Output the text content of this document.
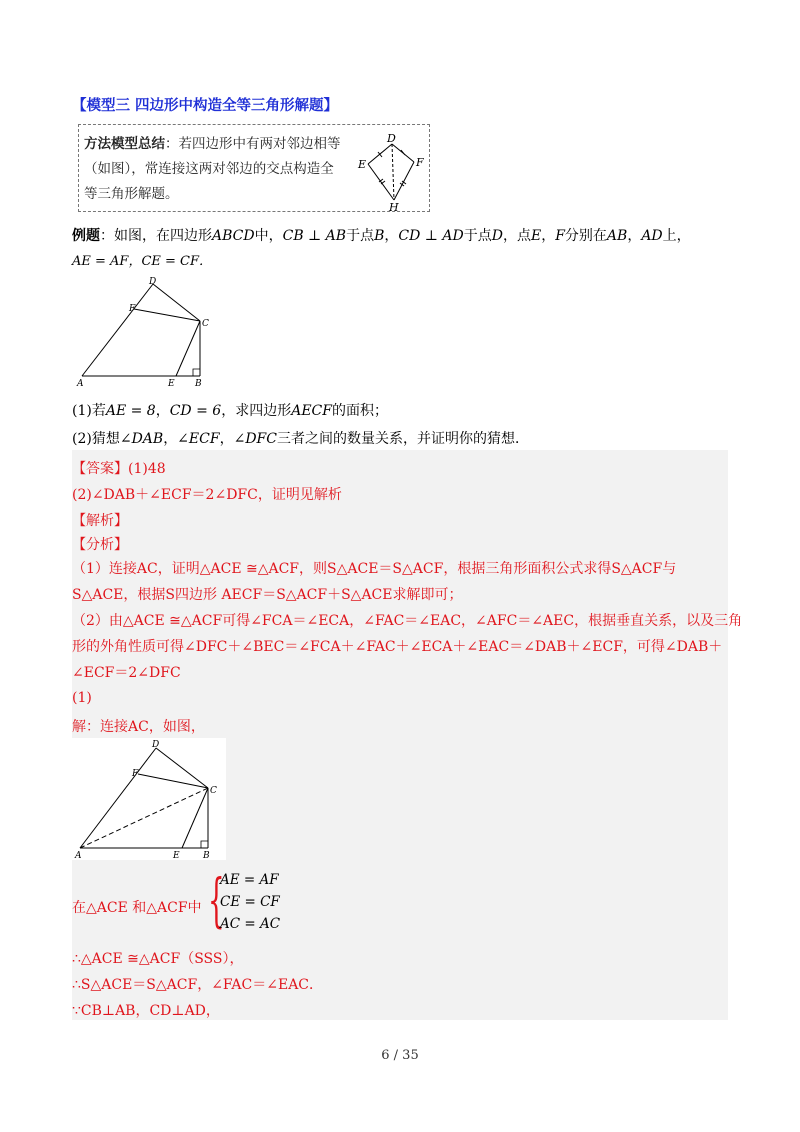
【模型三 四边形中构造全等三角形解题】
方法模型总结：若四边形中有两对邻边相等（如图），常连接这两对邻边的交点构造全等三角形解题。
D
E	F
H
例题：如图，在四边形ABCD中，CB ⊥ AB于点B，CD ⊥ AD于点D，点E，F分别在AB，AD上，
AE = AF，CE = CF．
D
F
C
A	E B
(1)若AE = 8，CD = 6，求四边形AECF的面积；
(2)猜想∠DAB，∠ECF，∠DFC三者之间的数量关系，并证明你的猜想．
【答案】(1)48
(2)∠DAB＋∠ECF＝2∠DFC，证明见解析
【解析】
【分析】
（1）连接AC，证明△ACE ≅△ACF，则S△ACE＝S△ACF，根据三角形面积公式求得S△ACF与
S△ACE，根据S四边形 AECF＝S△ACF＋S△ACE求解即可；
（2）由△ACE ≅△ACF可得∠FCA＝∠ECA，∠FAC＝∠EAC，∠AFC＝∠AEC，根据垂直关系，以及三角
形的外角性质可得∠DFC＋∠BEC＝∠FCA＋∠FAC＋∠ECA＋∠EAC＝∠DAB＋∠ECF，可得∠DAB＋
∠ECF＝2∠DFC
(1)
解：连接AC，如图，
D
F
C
A	E	B
在△ACE 和△ACF中 {
AE = AF
CE = CF
AC = AC
∴△ACE ≅△ACF（SSS），
∴S△ACE＝S△ACF，∠FAC＝∠EAC．
∵CB⊥AB，CD⊥AD，
6 / 35
